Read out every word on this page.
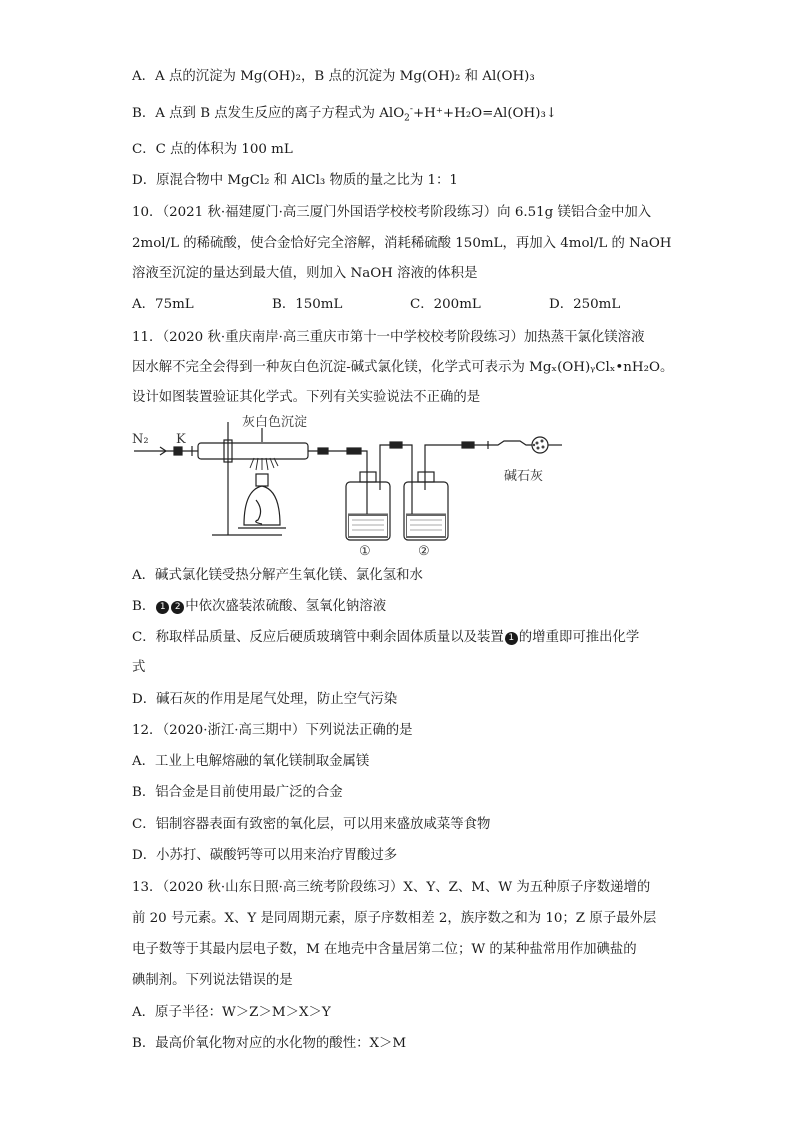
A．A 点的沉淀为 Mg(OH)₂，B 点的沉淀为 Mg(OH)₂ 和 Al(OH)₃
B．A 点到 B 点发生反应的离子方程式为 AlO$_2$-+H⁺+H₂O=Al(OH)₃↓
C．C 点的体积为 100 mL
D．原混合物中 MgCl₂ 和 AlCl₃ 物质的量之比为 1：1
10．（2021 秋·福建厦门·高三厦门外国语学校校考阶段练习）向 6.51g 镁铝合金中加入
2mol/L 的稀硫酸，使合金恰好完全溶解，消耗稀硫酸 150mL，再加入 4mol/L 的 NaOH
溶液至沉淀的量达到最大值，则加入 NaOH 溶液的体积是
A．75mL	B．150mL	C．200mL	D．250mL
11．（2020 秋·重庆南岸·高三重庆市第十一中学校校考阶段练习）加热蒸干氯化镁溶液
因水解不完全会得到一种灰白色沉淀-碱式氯化镁，化学式可表示为 Mgₓ(OH)ᵧClₓ•nH₂O。
设计如图装置验证其化学式。下列有关实验说法不正确的是
N₂ K
灰白色沉淀
碱石灰
①	②
A．碱式氯化镁受热分解产生氧化镁、氯化氢和水
B． 1 2 中依次盛装浓硫酸、氢氧化钠溶液
C．称取样品质量、反应后硬质玻璃管中剩余固体质量以及装置 1 的增重即可推出化学
式
D．碱石灰的作用是尾气处理，防止空气污染
12．（2020·浙江·高三期中）下列说法正确的是
A．工业上电解熔融的氧化镁制取金属镁
B．铝合金是目前使用最广泛的合金
C．铝制容器表面有致密的氧化层，可以用来盛放咸菜等食物
D．小苏打、碳酸钙等可以用来治疗胃酸过多
13．（2020 秋·山东日照·高三统考阶段练习）X、Y、Z、M、W 为五种原子序数递增的
前 20 号元素。X、Y 是同周期元素，原子序数相差 2，族序数之和为 10；Z 原子最外层
电子数等于其最内层电子数，M 在地壳中含量居第二位；W 的某种盐常用作加碘盐的
碘制剂。下列说法错误的是
A．原子半径：W＞Z＞M＞X＞Y
B．最高价氧化物对应的水化物的酸性：X＞M
